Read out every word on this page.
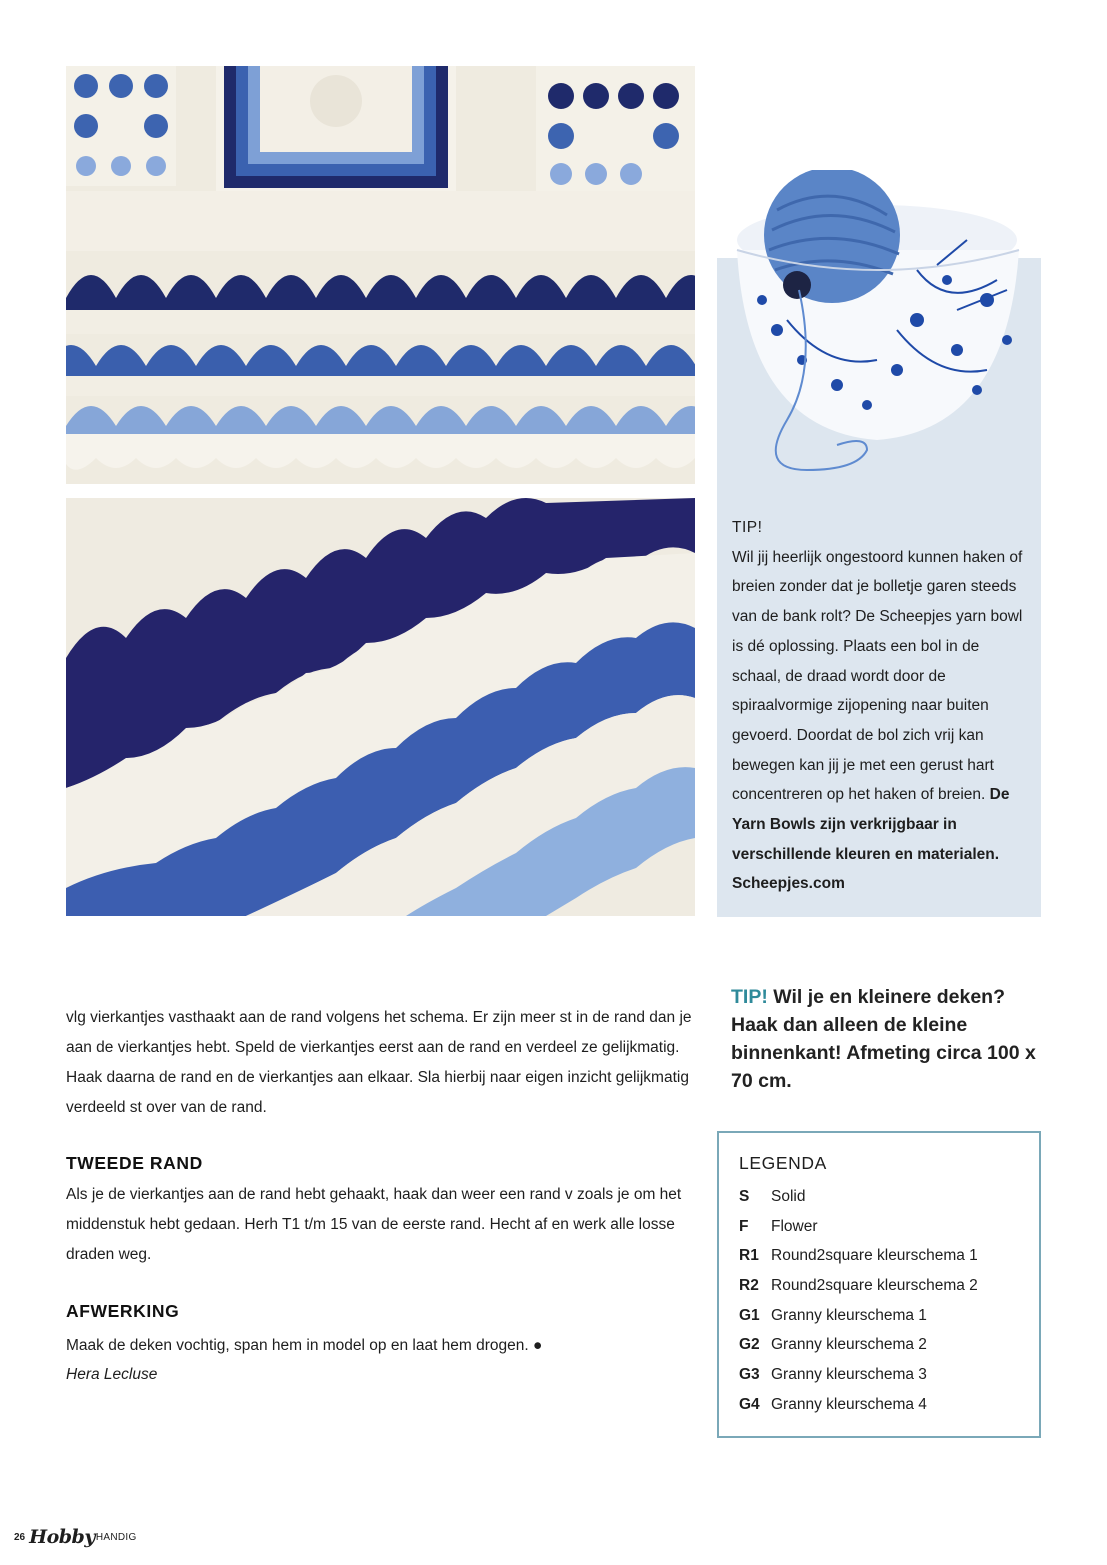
TIP!
Wil jij heerlijk ongestoord kunnen haken of breien zonder dat je bolletje garen steeds van de bank rolt? De Scheepjes yarn bowl is dé oplossing. Plaats een bol in de schaal, de draad wordt door de spiraalvormige zijopening naar buiten gevoerd. Doordat de bol zich vrij kan bewegen kan jij je met een gerust hart concentreren op het haken of breien. De Yarn Bowls zijn verkrijgbaar in verschillende kleuren en materialen.
Scheepjes.com
TIP! Wil je en kleinere deken? Haak dan alleen de kleine binnenkant! Afmeting circa 100 x 70 cm.

vlg vierkantjes vasthaakt aan de rand volgens het schema. Er zijn meer st in de rand dan je aan de vierkantjes hebt. Speld de vierkantjes eerst aan de rand en verdeel ze gelijkmatig. Haak daarna de rand en de vierkantjes aan elkaar. Sla hierbij naar eigen inzicht gelijkmatig verdeeld st over van de rand.

TWEEDE RAND

Als je de vierkantjes aan de rand hebt gehaakt, haak dan weer een rand v zoals je om het middenstuk hebt gedaan. Herh T1 t/m 15 van de eerste rand. Hecht af en werk alle losse draden weg.

AFWERKING

Maak de deken vochtig, span hem in model op en laat hem drogen. ●

Hera Lecluse

LEGENDA
S Solid
F Flower
R1 Round2square kleurschema 1
R2 Round2square kleurschema 2
G1 Granny kleurschema 1
G2 Granny kleurschema 2
G3 Granny kleurschema 3
G4 Granny kleurschema 4
26 Hobby HANDIG
